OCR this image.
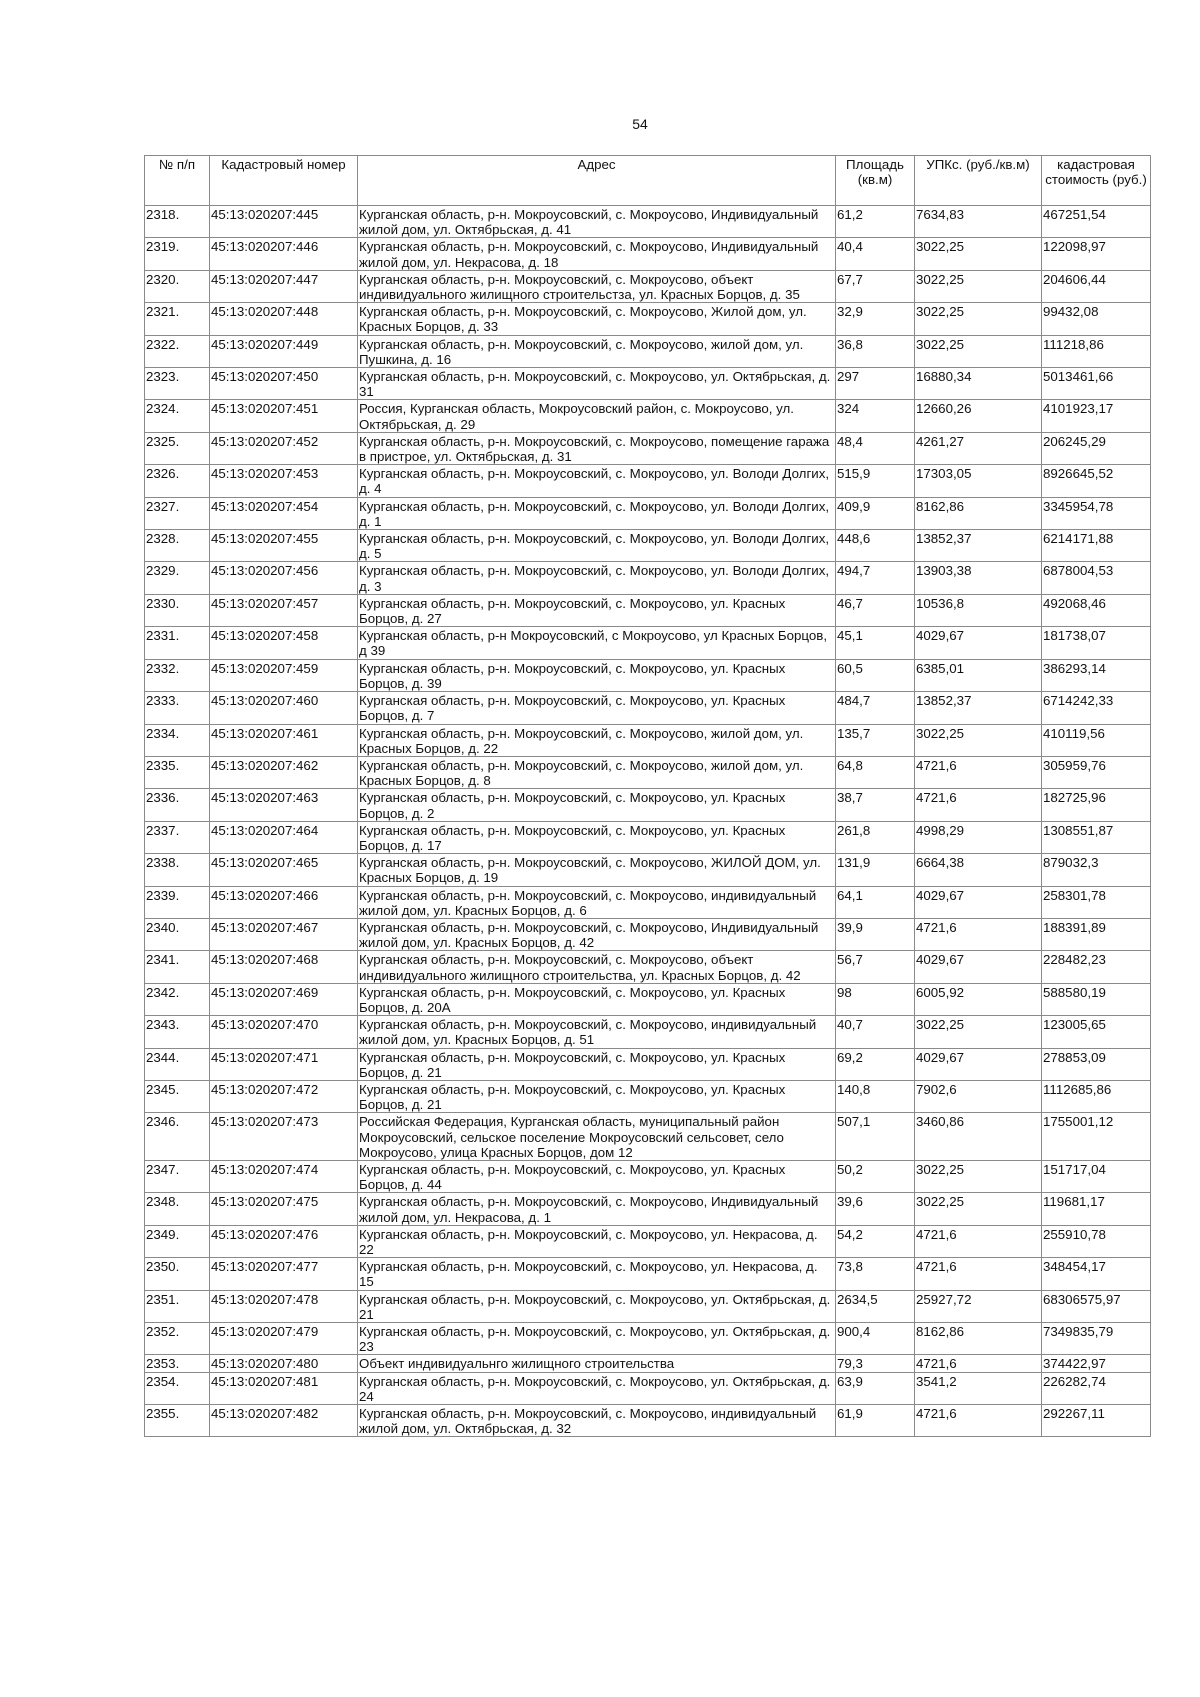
54
№ п/п	Кадастровый номер	Адрес	Площадь (кв.м)	УПКс. (руб./кв.м)	кадастровая стоимость (руб.)
2318.	45:13:020207:445	Курганская область, р-н. Мокроусовский, с. Мокроусово, Индивидуальный жилой дом, ул. Октябрьская, д. 41	61,2	7634,83	467251,54
2319.	45:13:020207:446	Курганская область, р-н. Мокроусовский, с. Мокроусово, Индивидуальный жилой дом, ул. Некрасова, д. 18	40,4	3022,25	122098,97
2320.	45:13:020207:447	Курганская область, р-н. Мокроусовский, с. Мокроусово, объект индивидуального жилищного строительстза, ул. Красных Борцов, д. 35	67,7	3022,25	204606,44
2321.	45:13:020207:448	Курганская область, р-н. Мокроусовский, с. Мокроусово, Жилой дом, ул. Красных Борцов, д. 33	32,9	3022,25	99432,08
2322.	45:13:020207:449	Курганская область, р-н. Мокроусовский, с. Мокроусово, жилой дом, ул. Пушкина, д. 16	36,8	3022,25	111218,86
2323.	45:13:020207:450	Курганская область, р-н. Мокроусовский, с. Мокроусово, ул. Октябрьская, д. 31	297	16880,34	5013461,66
2324.	45:13:020207:451	Россия, Курганская область, Мокроусовский район, с. Мокроусово, ул. Октябрьская, д. 29	324	12660,26	4101923,17
2325.	45:13:020207:452	Курганская область, р-н. Мокроусовский, с. Мокроусово, помещение гаража в пристрое, ул. Октябрьская, д. 31	48,4	4261,27	206245,29
2326.	45:13:020207:453	Курганская область, р-н. Мокроусовский, с. Мокроусово, ул. Володи Долгих, д. 4	515,9	17303,05	8926645,52
2327.	45:13:020207:454	Курганская область, р-н. Мокроусовский, с. Мокроусово, ул. Володи Долгих, д. 1	409,9	8162,86	3345954,78
2328.	45:13:020207:455	Курганская область, р-н. Мокроусовский, с. Мокроусово, ул. Володи Долгих, д. 5	448,6	13852,37	6214171,88
2329.	45:13:020207:456	Курганская область, р-н. Мокроусовский, с. Мокроусово, ул. Володи Долгих, д. 3	494,7	13903,38	6878004,53
2330.	45:13:020207:457	Курганская область, р-н. Мокроусовский, с. Мокроусово, ул. Красных Борцов, д. 27	46,7	10536,8	492068,46
2331.	45:13:020207:458	Курганская область, р-н Мокроусовский, с Мокроусово, ул Красных Борцов, д 39	45,1	4029,67	181738,07
2332.	45:13:020207:459	Курганская область, р-н. Мокроусовский, с. Мокроусово, ул. Красных Борцов, д. 39	60,5	6385,01	386293,14
2333.	45:13:020207:460	Курганская область, р-н. Мокроусовский, с. Мокроусово, ул. Красных Борцов, д. 7	484,7	13852,37	6714242,33
2334.	45:13:020207:461	Курганская область, р-н. Мокроусовский, с. Мокроусово, жилой дом, ул. Красных Борцов, д. 22	135,7	3022,25	410119,56
2335.	45:13:020207:462	Курганская область, р-н. Мокроусовский, с. Мокроусово, жилой дом, ул. Красных Борцов, д. 8	64,8	4721,6	305959,76
2336.	45:13:020207:463	Курганская область, р-н. Мокроусовский, с. Мокроусово, ул. Красных Борцов, д. 2	38,7	4721,6	182725,96
2337.	45:13:020207:464	Курганская область, р-н. Мокроусовский, с. Мокроусово, ул. Красных Борцов, д. 17	261,8	4998,29	1308551,87
2338.	45:13:020207:465	Курганская область, р-н. Мокроусовский, с. Мокроусово, ЖИЛОЙ ДОМ, ул. Красных Борцов, д. 19	131,9	6664,38	879032,3
2339.	45:13:020207:466	Курганская область, р-н. Мокроусовский, с. Мокроусово, индивидуальный жилой дом, ул. Красных Борцов, д. 6	64,1	4029,67	258301,78
2340.	45:13:020207:467	Курганская область, р-н. Мокроусовский, с. Мокроусово, Индивидуальный жилой дом, ул. Красных Борцов, д. 42	39,9	4721,6	188391,89
2341.	45:13:020207:468	Курганская область, р-н. Мокроусовский, с. Мокроусово, объект индивидуального жилищного строительства, ул. Красных Борцов, д. 42	56,7	4029,67	228482,23
2342.	45:13:020207:469	Курганская область, р-н. Мокроусовский, с. Мокроусово, ул. Красных Борцов, д. 20А	98	6005,92	588580,19
2343.	45:13:020207:470	Курганская область, р-н. Мокроусовский, с. Мокроусово, индивидуальный жилой дом, ул. Красных Борцов, д. 51	40,7	3022,25	123005,65
2344.	45:13:020207:471	Курганская область, р-н. Мокроусовский, с. Мокроусово, ул. Красных Борцов, д. 21	69,2	4029,67	278853,09
2345.	45:13:020207:472	Курганская область, р-н. Мокроусовский, с. Мокроусово, ул. Красных Борцов, д. 21	140,8	7902,6	1112685,86
2346.	45:13:020207:473	Российская Федерация, Курганская область, муниципальный район Мокроусовский, сельское поселение Мокроусовский сельсовет, село Мокроусово, улица Красных Борцов, дом 12	507,1	3460,86	1755001,12
2347.	45:13:020207:474	Курганская область, р-н. Мокроусовский, с. Мокроусово, ул. Красных Борцов, д. 44	50,2	3022,25	151717,04
2348.	45:13:020207:475	Курганская область, р-н. Мокроусовский, с. Мокроусово, Индивидуальный жилой дом, ул. Некрасова, д. 1	39,6	3022,25	119681,17
2349.	45:13:020207:476	Курганская область, р-н. Мокроусовский, с. Мокроусово, ул. Некрасова, д. 22	54,2	4721,6	255910,78
2350.	45:13:020207:477	Курганская область, р-н. Мокроусовский, с. Мокроусово, ул. Некрасова, д. 15	73,8	4721,6	348454,17
2351.	45:13:020207:478	Курганская область, р-н. Мокроусовский, с. Мокроусово, ул. Октябрьская, д. 21	2634,5	25927,72	68306575,97
2352.	45:13:020207:479	Курганская область, р-н. Мокроусовский, с. Мокроусово, ул. Октябрьская, д. 23	900,4	8162,86	7349835,79
2353.	45:13:020207:480	Объект индивидуальнго жилищного строительства	79,3	4721,6	374422,97
2354.	45:13:020207:481	Курганская область, р-н. Мокроусовский, с. Мокроусово, ул. Октябрьская, д. 24	63,9	3541,2	226282,74
2355.	45:13:020207:482	Курганская область, р-н. Мокроусовский, с. Мокроусово, индивидуальный жилой дом, ул. Октябрьская, д. 32	61,9	4721,6	292267,11
